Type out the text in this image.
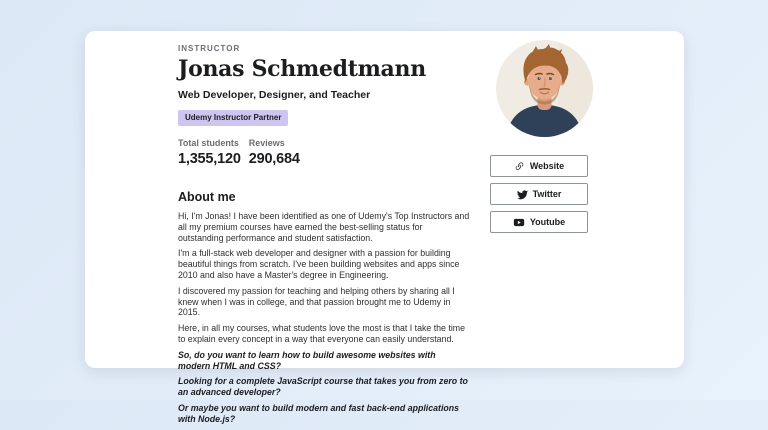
INSTRUCTOR
Jonas Schmedtmann
Web Developer, Designer, and Teacher
Udemy Instructor Partner
Total students
1,355,120
Reviews
290,684
About me

Hi, I'm Jonas! I have been identified as one of Udemy's Top Instructors and all my premium courses have earned the best-selling status for outstanding performance and student satisfaction.

I'm a full-stack web developer and designer with a passion for building beautiful things from scratch. I've been building websites and apps since 2010 and also have a Master's degree in Engineering.

I discovered my passion for teaching and helping others by sharing all I knew when I was in college, and that passion brought me to Udemy in 2015.

Here, in all my courses, what students love the most is that I take the time to explain every concept in a way that everyone can easily understand.

So, do you want to learn how to build awesome websites with modern HTML and CSS?

Looking for a complete JavaScript course that takes you from zero to an advanced developer?

Or maybe you want to build modern and fast back-end applications with Node.js?

Website
Twitter
Youtube
